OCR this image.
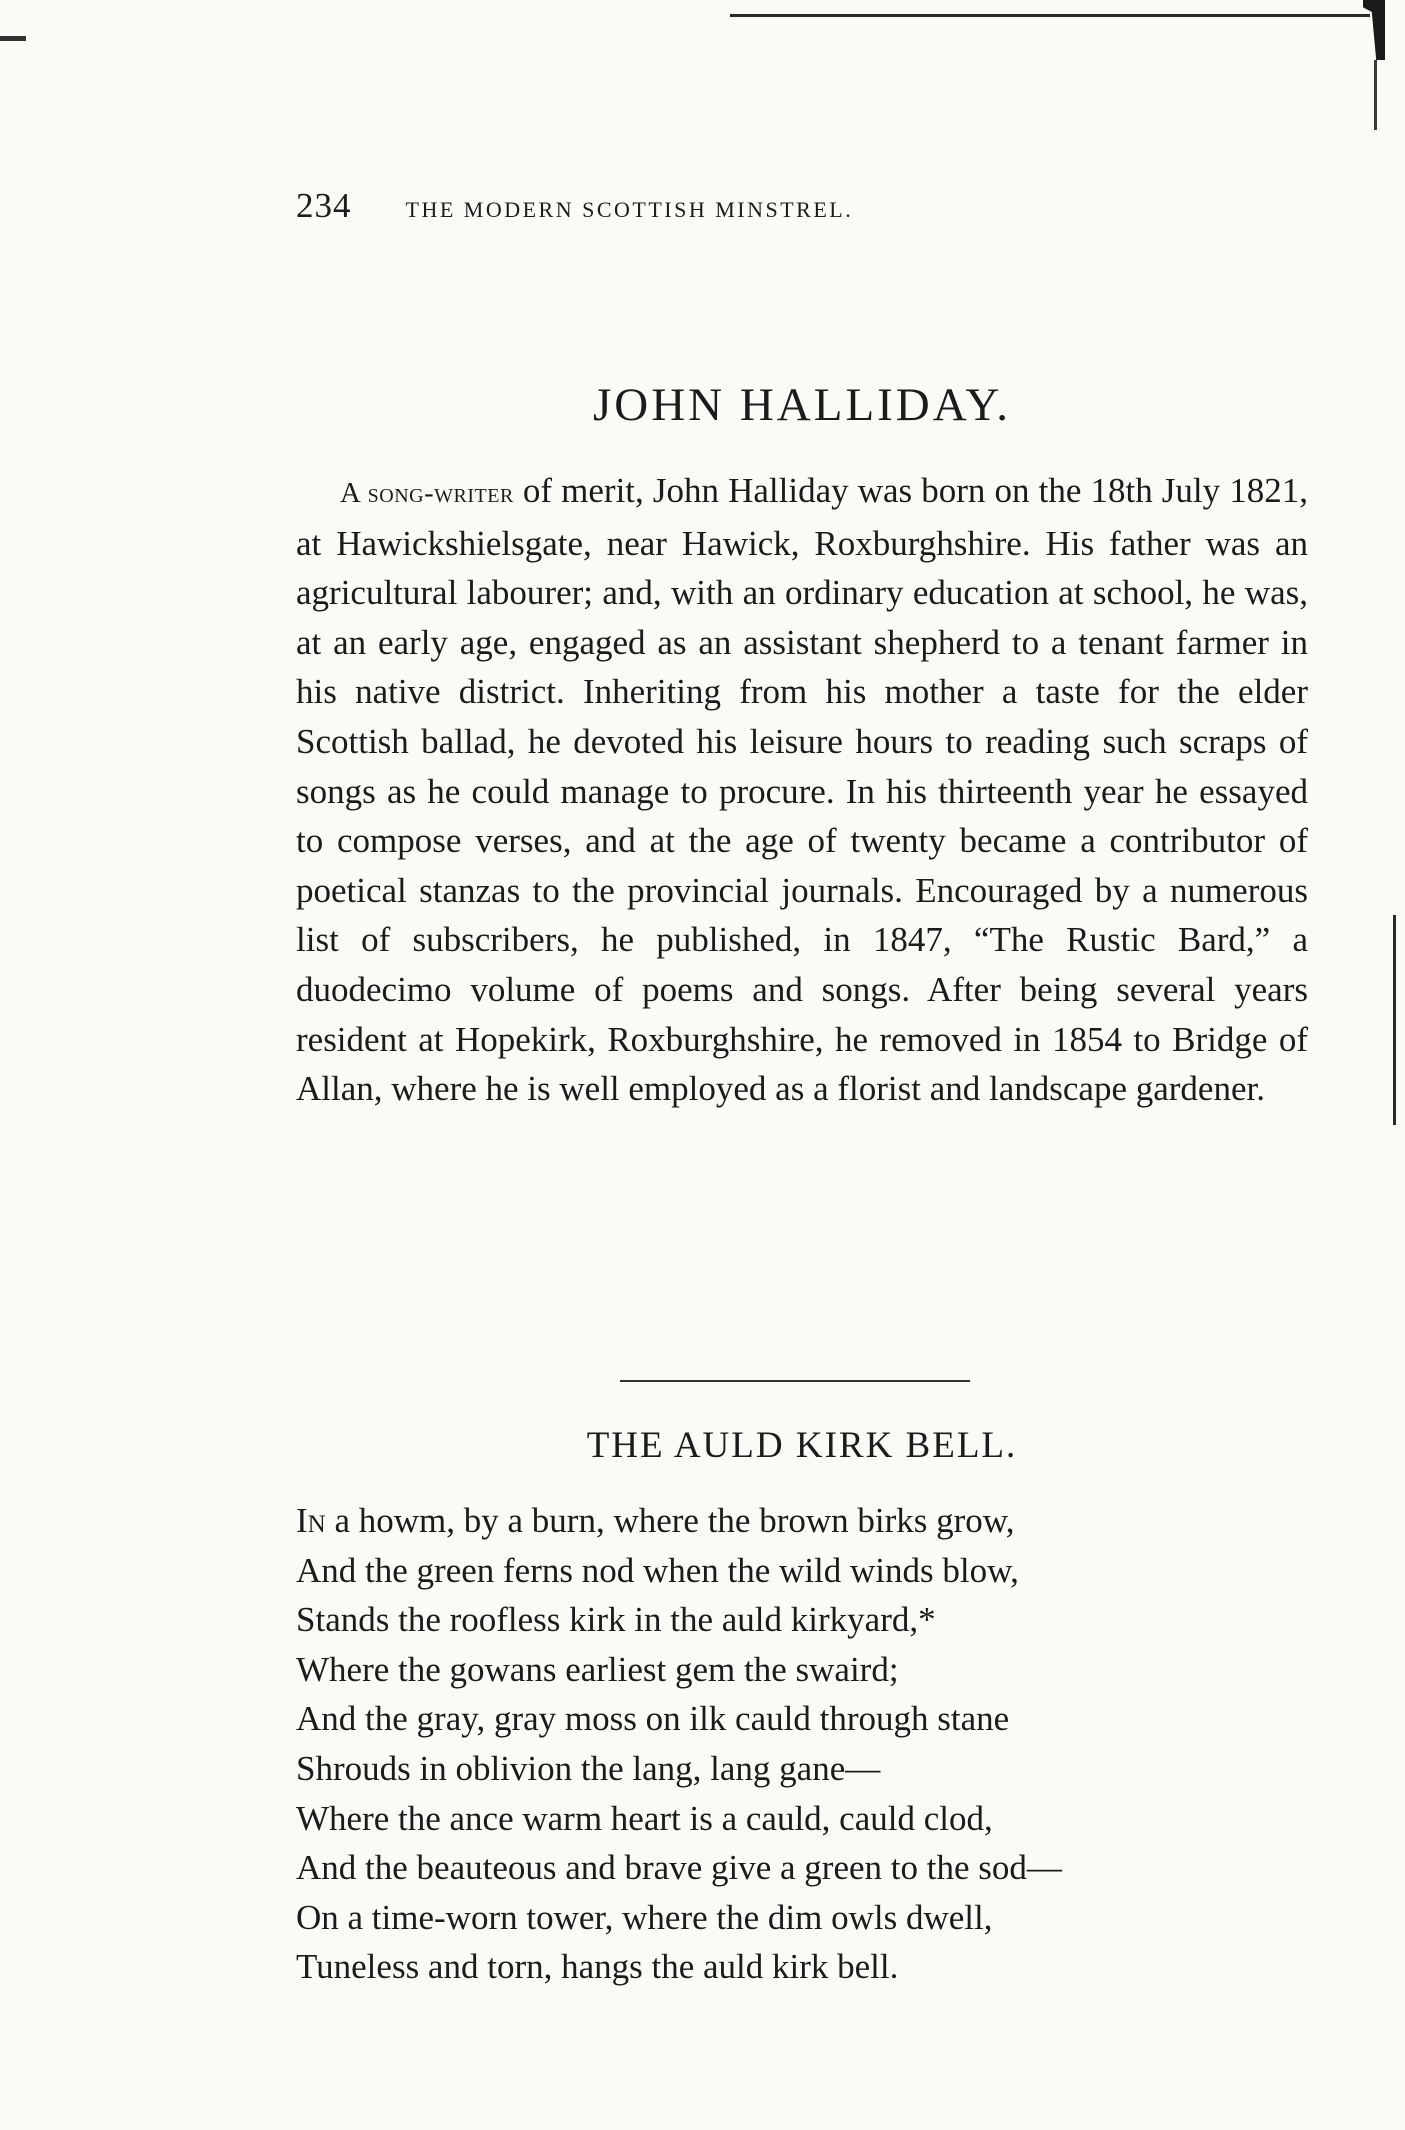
234 THE MODERN SCOTTISH MINSTREL.
JOHN HALLIDAY.

A song-writer of merit, John Halliday was born on the 18th July 1821, at Hawickshielsgate, near Hawick, Roxburghshire. His father was an agricultural labourer; and, with an ordinary education at school, he was, at an early age, engaged as an assistant shepherd to a tenant farmer in his native district. Inheriting from his mother a taste for the elder Scottish ballad, he devoted his leisure hours to reading such scraps of songs as he could manage to procure. In his thirteenth year he essayed to compose verses, and at the age of twenty became a contributor of poetical stanzas to the provincial journals. Encouraged by a numerous list of subscribers, he published, in 1847, “The Rustic Bard,” a duodecimo volume of poems and songs. After being several years resident at Hopekirk, Roxburghshire, he removed in 1854 to Bridge of Allan, where he is well employed as a florist and landscape gardener.

THE AULD KIRK BELL.
In a howm, by a burn, where the brown birks grow,
And the green ferns nod when the wild winds blow,
Stands the roofless kirk in the auld kirkyard,*
Where the gowans earliest gem the swaird;
And the gray, gray moss on ilk cauld through stane
Shrouds in oblivion the lang, lang gane—
Where the ance warm heart is a cauld, cauld clod,
And the beauteous and brave give a green to the sod—
On a time-worn tower, where the dim owls dwell,
Tuneless and torn, hangs the auld kirk bell.
